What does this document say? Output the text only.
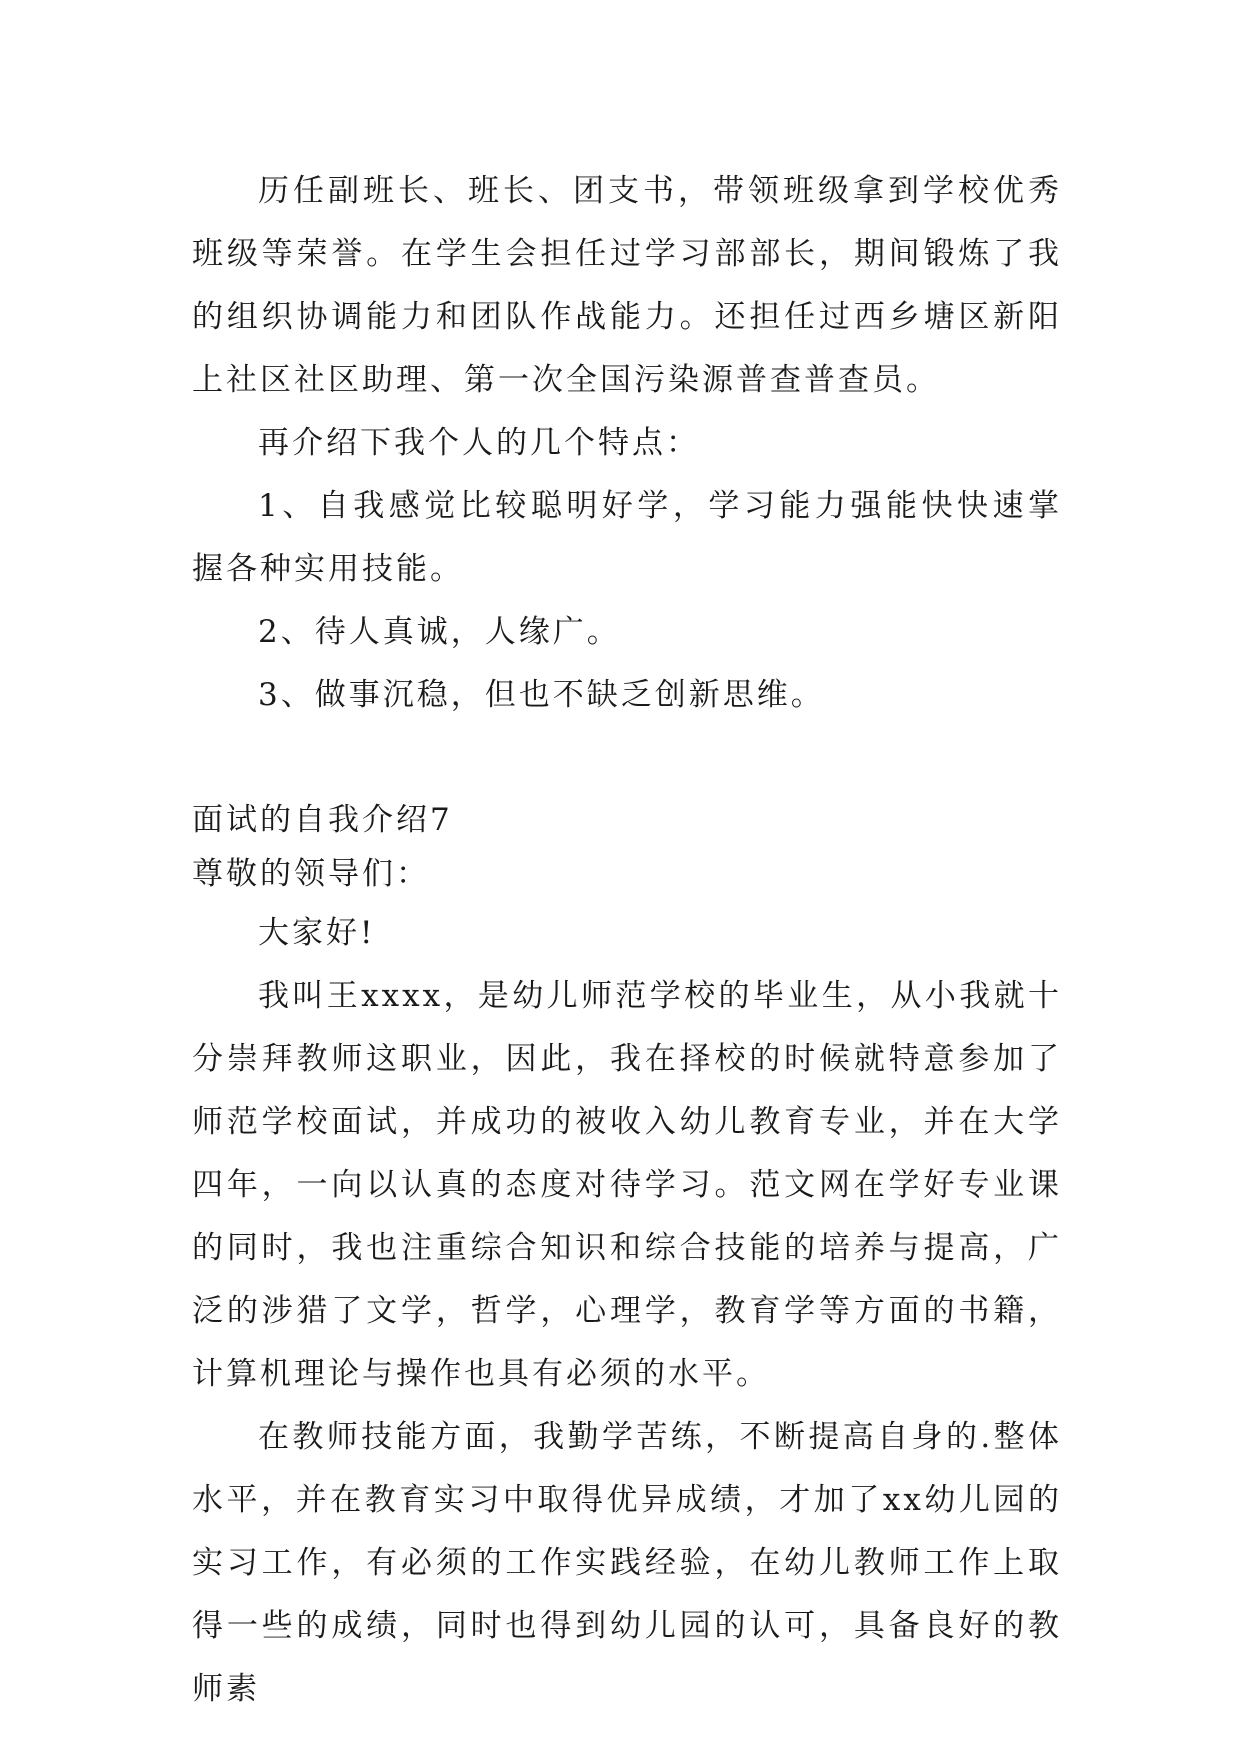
历任副班长、班长、团支书，带领班级拿到学校优秀班级等荣誉。在学生会担任过学习部部长，期间锻炼了我的组织协调能力和团队作战能力。还担任过西乡塘区新阳上社区社区助理、第一次全国污染源普查普查员。

再介绍下我个人的几个特点：

1、自我感觉比较聪明好学，学习能力强能快快速掌握各种实用技能。

2、待人真诚，人缘广。

3、做事沉稳，但也不缺乏创新思维。

面试的自我介绍7

尊敬的领导们：

大家好!

我叫王xxxx，是幼儿师范学校的毕业生，从小我就十分崇拜教师这职业，因此，我在择校的时候就特意参加了师范学校面试，并成功的被收入幼儿教育专业，并在大学四年，一向以认真的态度对待学习。范文网在学好专业课的同时，我也注重综合知识和综合技能的培养与提高，广泛的涉猎了文学，哲学，心理学，教育学等方面的书籍，计算机理论与操作也具有必须的水平。

在教师技能方面，我勤学苦练，不断提高自身的.整体水平，并在教育实习中取得优异成绩，才加了xx幼儿园的实习工作，有必须的工作实践经验，在幼儿教师工作上取得一些的成绩，同时也得到幼儿园的认可，具备良好的教师素
